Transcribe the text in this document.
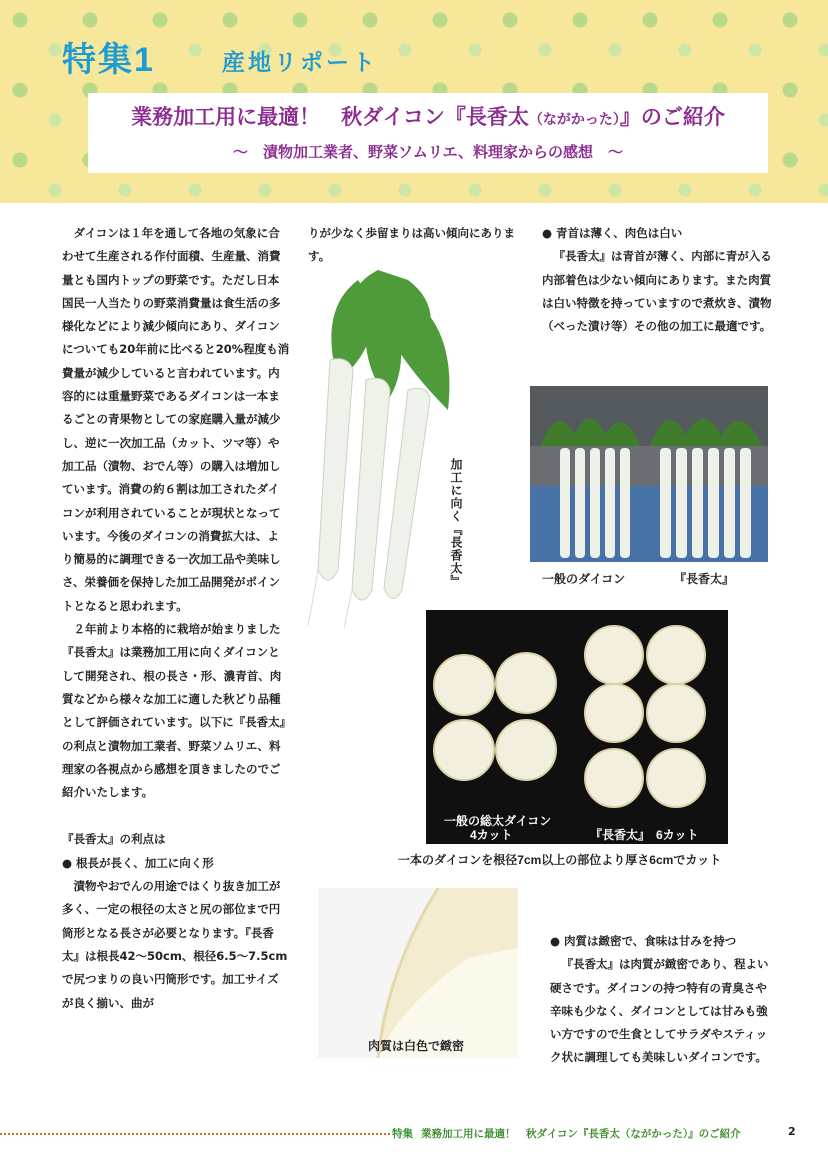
特集1	産地リポート
業務加工用に最適！　秋ダイコン『長香太（ながかった）』のご紹介
～　漬物加工業者、野菜ソムリエ、料理家からの感想　～

ダイコンは１年を通して各地の気象に合わせて生産される作付面積、生産量、消費量とも国内トップの野菜です。ただし日本国民一人当たりの野菜消費量は食生活の多様化などにより減少傾向にあり、ダイコンについても20年前に比べると20%程度も消費量が減少していると言われています。内容的には重量野菜であるダイコンは一本まるごとの青果物としての家庭購入量が減少し、逆に一次加工品（カット、ツマ等）や加工品（漬物、おでん等）の購入は増加しています。消費の約６割は加工されたダイコンが利用されていることが現状となっています。今後のダイコンの消費拡大は、より簡易的に調理できる一次加工品や美味しさ、栄養価を保持した加工品開発がポイントとなると思われます。

２年前より本格的に栽培が始まりました『長香太』は業務加工用に向くダイコンとして開発され、根の長さ・形、濃青首、肉質などから様々な加工に適した秋どり品種として評価されています。以下に『長香太』の利点と漬物加工業者、野菜ソムリエ、料理家の各視点から感想を頂きましたのでご紹介いたします。

『長香太』の利点は

● 根長が長く、加工に向く形

漬物やおでんの用途ではくり抜き加工が多く、一定の根径の太さと尻の部位まで円筒形となる長さが必要となります。『長香太』は根長42～50cm、根径6.5～7.5cmで尻つまりの良い円筒形です。加工サイズが良く揃い、曲が

りが少なく歩留まりは高い傾向にあります。

加工に向く『長香太』

● 青首は薄く、肉色は白い

『長香太』は青首が薄く、内部に青が入る内部着色は少ない傾向にあります。また肉質は白い特徴を持っていますので煮炊き、漬物（べった漬け等）その他の加工に最適です。

一般のダイコン	『長香太』
一般の総太ダイコン
4カット	『長香太』　6カット
一本のダイコンを根径7cm以上の部位より厚さ6cmでカット
肉質は白色で緻密

● 肉質は緻密で、食味は甘みを持つ

『長香太』は肉質が緻密であり、程よい硬さです。ダイコンの持つ特有の青臭さや辛味も少なく、ダイコンとしては甘みも強い方ですので生食としてサラダやスティック状に調理しても美味しいダイコンです。

特集 業務加工用に最適！　秋ダイコン『長香太（ながかった）』のご紹介	2
